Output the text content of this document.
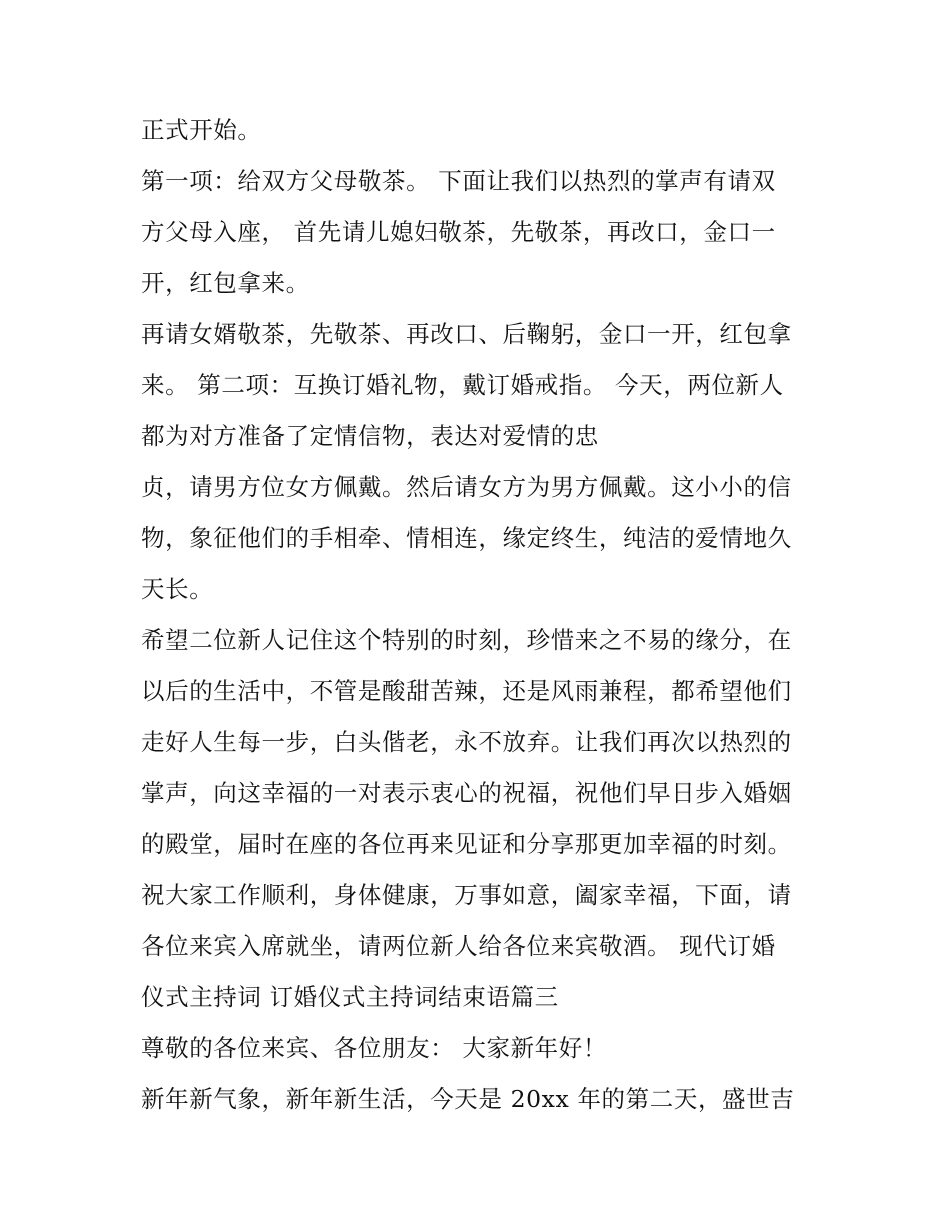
正式开始。
第一项：给双方父母敬茶。 下面让我们以热烈的掌声有请双
方父母入座， 首先请儿媳妇敬茶，先敬茶，再改口，金口一
开，红包拿来。
再请女婿敬茶，先敬茶、再改口、后鞠躬，金口一开，红包拿
来。 第二项：互换订婚礼物，戴订婚戒指。 今天，两位新人
都为对方准备了定情信物，表达对爱情的忠
贞，请男方位女方佩戴。然后请女方为男方佩戴。这小小的信
物，象征他们的手相牵、情相连，缘定终生，纯洁的爱情地久
天长。
希望二位新人记住这个特别的时刻，珍惜来之不易的缘分，在
以后的生活中，不管是酸甜苦辣，还是风雨兼程，都希望他们
走好人生每一步，白头偕老，永不放弃。让我们再次以热烈的
掌声，向这幸福的一对表示衷心的祝福，祝他们早日步入婚姻
的殿堂，届时在座的各位再来见证和分享那更加幸福的时刻。
祝大家工作顺利，身体健康，万事如意，阖家幸福，下面，请
各位来宾入席就坐，请两位新人给各位来宾敬酒。 现代订婚
仪式主持词 订婚仪式主持词结束语篇三
尊敬的各位来宾、各位朋友： 大家新年好！
新年新气象，新年新生活，今天是 20xx 年的第二天，盛世吉
